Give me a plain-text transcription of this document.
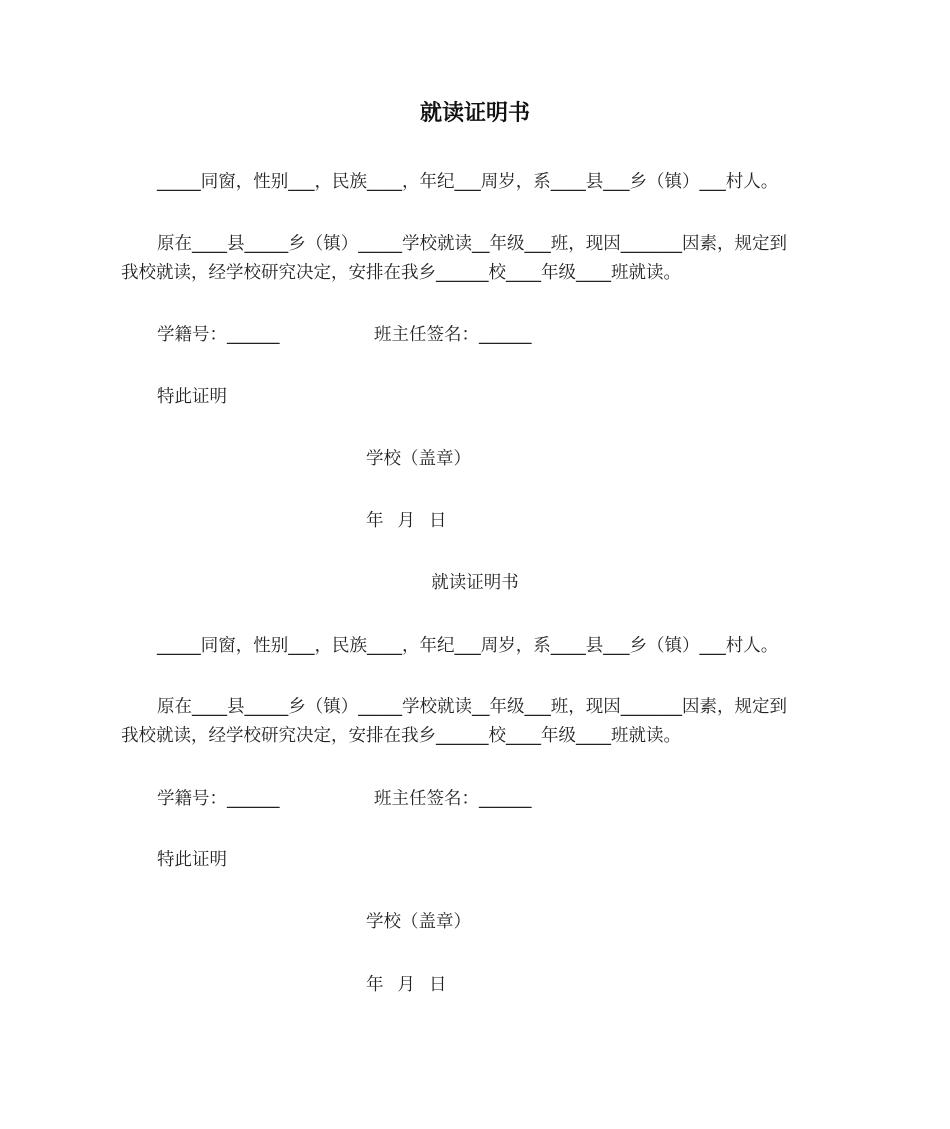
就读证明书
_____同窗，性别___，民族____，年纪___周岁，系____县___乡（镇）___村人。
原在____县_____乡（镇）_____学校就读__年级___班，现因_______因素，规定到
我校就读，经学校研究决定，安排在我乡______校____年级____班就读。
学籍号：______	班主任签名：______
特此证明
学校（盖章）
年 月 日
就读证明书
_____同窗，性别___，民族____，年纪___周岁，系____县___乡（镇）___村人。
原在____县_____乡（镇）_____学校就读__年级___班，现因_______因素，规定到
我校就读，经学校研究决定，安排在我乡______校____年级____班就读。
学籍号：______	班主任签名：______
特此证明
学校（盖章）
年 月 日
